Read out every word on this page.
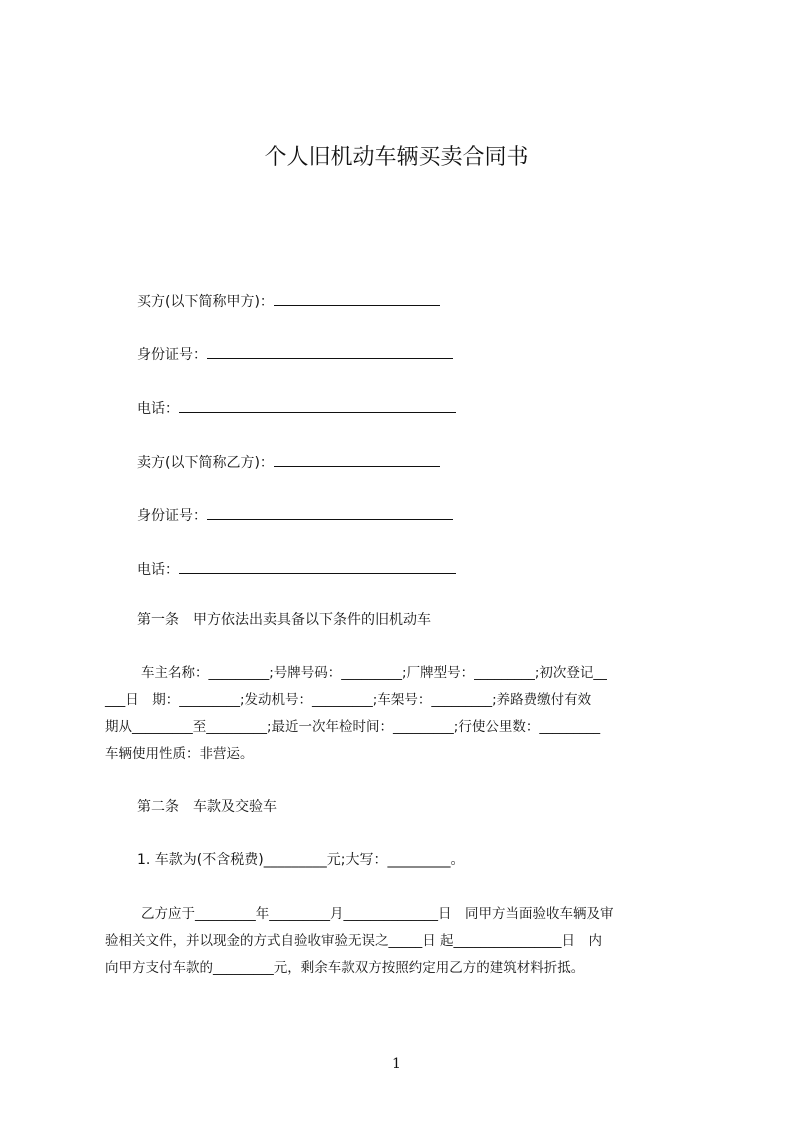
个人旧机动车辆买卖合同书
买方(以下简称甲方)：
身份证号：
电话：
卖方(以下简称乙方)：
身份证号：
电话：
第一条　甲方依法出卖具备以下条件的旧机动车
车主名称：_________;号牌号码：_________;厂牌型号：_________;初次登记__
___日　期：_________;发动机号：_________;车架号：_________;养路费缴付有效
期从_________至_________;最近一次年检时间：_________;行使公里数：_________
车辆使用性质：非营运。
第二条　车款及交验车
1. 车款为(不含税费)_________元;大写：_________。
乙方应于_________年_________月______________日　同甲方当面验收车辆及审
验相关文件，并以现金的方式自验收审验无误之_____日 起________________日　内
向甲方支付车款的_________元，剩余车款双方按照约定用乙方的建筑材料折抵。
1
